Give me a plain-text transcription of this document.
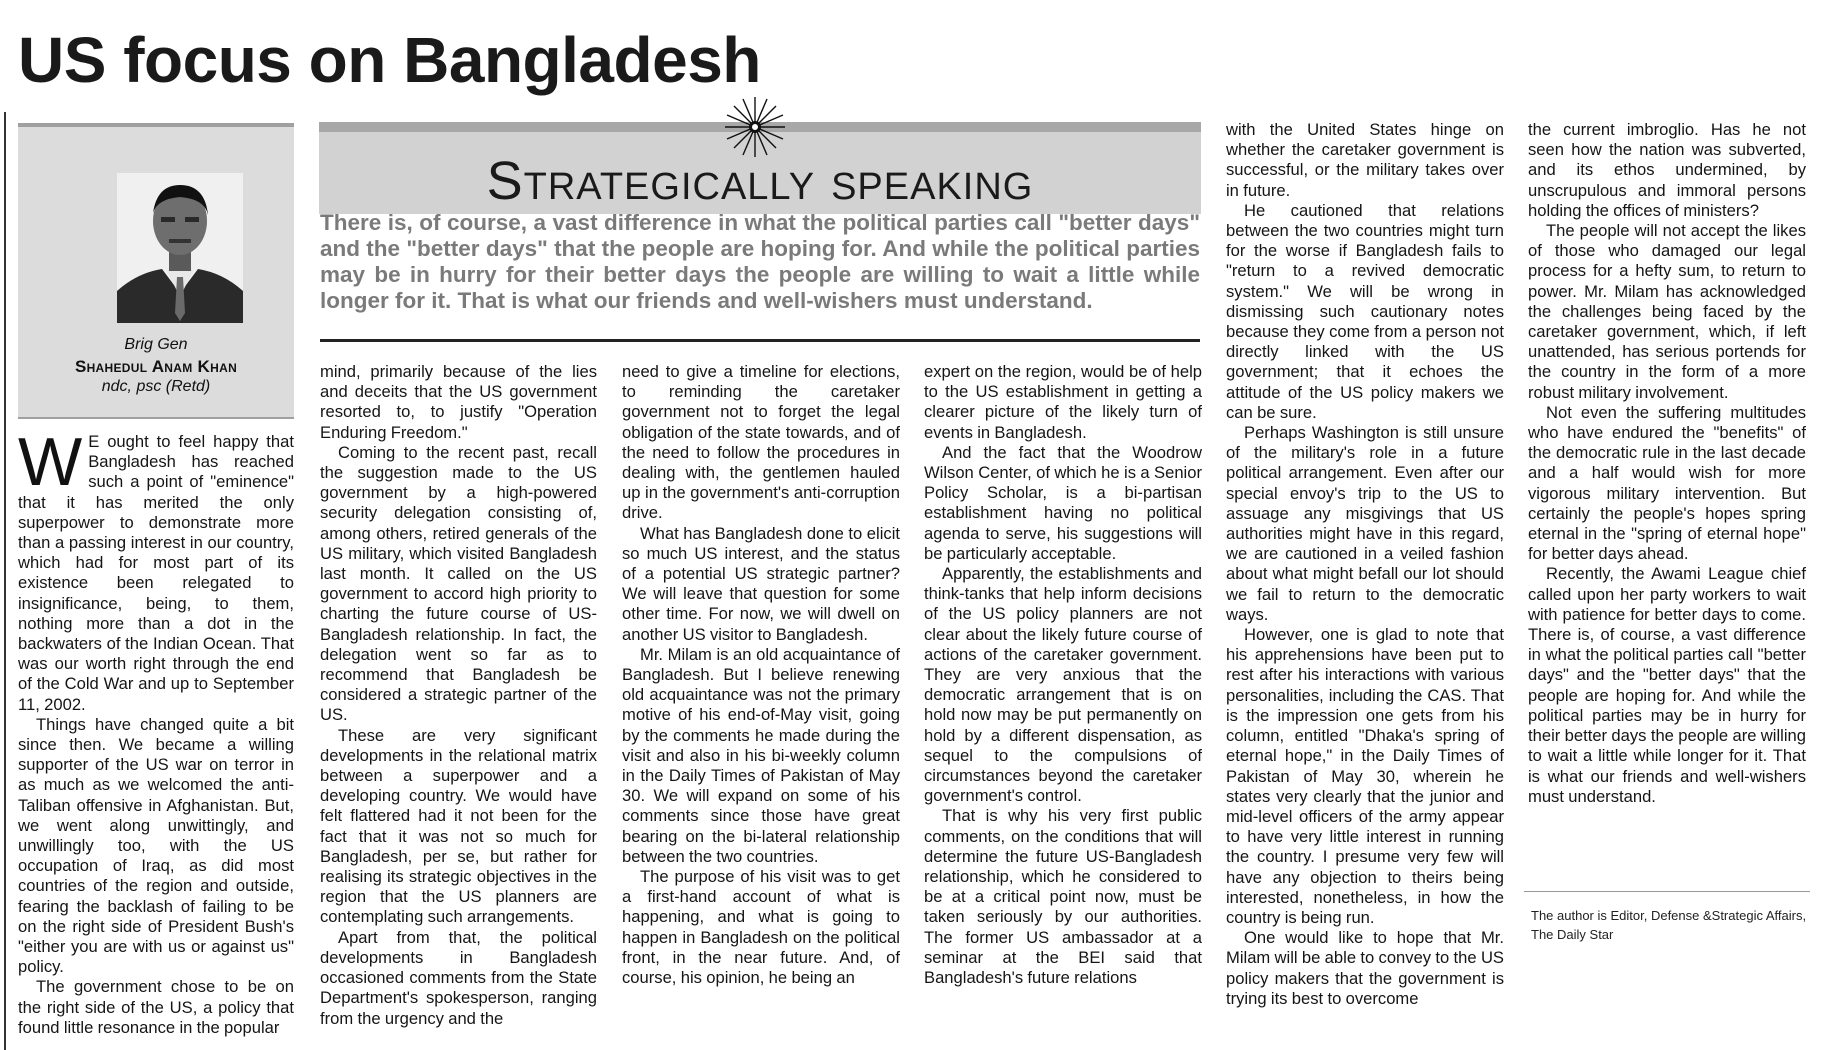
US focus on Bangladesh
Brig Gen
Shahedul Anam Khan
ndc, psc (Retd)
Strategically speaking
There is, of course, a vast difference in what the political parties call "better days" and the "better days" that the people are hoping for. And while the political parties may be in hurry for their better days the people are willing to wait a little while longer for it. That is what our friends and well-wishers must understand.

W E ought to feel happy that Bangladesh has reached such a point of "eminence" that it has merited the only superpower to demonstrate more than a passing interest in our country, which had for most part of its existence been relegated to insignificance, being, to them, nothing more than a dot in the backwaters of the Indian Ocean. That was our worth right through the end of the Cold War and up to September 11, 2002.

Things have changed quite a bit since then. We became a willing supporter of the US war on terror in as much as we welcomed the anti-Taliban offensive in Afghanistan. But, we went along unwittingly, and unwillingly too, with the US occupation of Iraq, as did most countries of the region and outside, fearing the backlash of failing to be on the right side of President Bush's "either you are with us or against us" policy.

The government chose to be on the right side of the US, a policy that found little resonance in the popular

mind, primarily because of the lies and deceits that the US government resorted to, to justify "Operation Enduring Freedom."

Coming to the recent past, recall the suggestion made to the US government by a high-powered security delegation consisting of, among others, retired generals of the US military, which visited Bangladesh last month. It called on the US government to accord high priority to charting the future course of US-Bangladesh relationship. In fact, the delegation went so far as to recommend that Bangladesh be considered a strategic partner of the US.

These are very significant developments in the relational matrix between a superpower and a developing country. We would have felt flattered had it not been for the fact that it was not so much for Bangladesh, per se, but rather for realising its strategic objectives in the region that the US planners are contemplating such arrangements.

Apart from that, the political developments in Bangladesh occasioned comments from the State Department's spokesperson, ranging from the urgency and the

need to give a timeline for elections, to reminding the caretaker government not to forget the legal obligation of the state towards, and of the need to follow the procedures in dealing with, the gentlemen hauled up in the government's anti-corruption drive.

What has Bangladesh done to elicit so much US interest, and the status of a potential US strategic partner? We will leave that question for some other time. For now, we will dwell on another US visitor to Bangladesh.

Mr. Milam is an old acquaintance of Bangladesh. But I believe renewing old acquaintance was not the primary motive of his end-of-May visit, going by the comments he made during the visit and also in his bi-weekly column in the Daily Times of Pakistan of May 30. We will expand on some of his comments since those have great bearing on the bi-lateral relationship between the two countries.

The purpose of his visit was to get a first-hand account of what is happening, and what is going to happen in Bangladesh on the political front, in the near future. And, of course, his opinion, he being an

expert on the region, would be of help to the US establishment in getting a clearer picture of the likely turn of events in Bangladesh.

And the fact that the Woodrow Wilson Center, of which he is a Senior Policy Scholar, is a bi-partisan establishment having no political agenda to serve, his suggestions will be particularly acceptable.

Apparently, the establishments and think-tanks that help inform decisions of the US policy planners are not clear about the likely future course of actions of the caretaker government. They are very anxious that the democratic arrangement that is on hold now may be put permanently on hold by a different dispensation, as sequel to the compulsions of circumstances beyond the caretaker government's control.

That is why his very first public comments, on the conditions that will determine the future US-Bangladesh relationship, which he considered to be at a critical point now, must be taken seriously by our authorities. The former US ambassador at a seminar at the BEI said that Bangladesh's future relations

with the United States hinge on whether the caretaker government is successful, or the military takes over in future.

He cautioned that relations between the two countries might turn for the worse if Bangladesh fails to "return to a revived democratic system." We will be wrong in dismissing such cautionary notes because they come from a person not directly linked with the US government; that it echoes the attitude of the US policy makers we can be sure.

Perhaps Washington is still unsure of the military's role in a future political arrangement. Even after our special envoy's trip to the US to assuage any misgivings that US authorities might have in this regard, we are cautioned in a veiled fashion about what might befall our lot should we fail to return to the democratic ways.

However, one is glad to note that his apprehensions have been put to rest after his interactions with various personalities, including the CAS. That is the impression one gets from his column, entitled "Dhaka's spring of eternal hope," in the Daily Times of Pakistan of May 30, wherein he states very clearly that the junior and mid-level officers of the army appear to have very little interest in running the country. I presume very few will have any objection to theirs being interested, nonetheless, in how the country is being run.

One would like to hope that Mr. Milam will be able to convey to the US policy makers that the government is trying its best to overcome

the current imbroglio. Has he not seen how the nation was subverted, and its ethos undermined, by unscrupulous and immoral persons holding the offices of ministers?

The people will not accept the likes of those who damaged our legal process for a hefty sum, to return to power. Mr. Milam has acknowledged the challenges being faced by the caretaker government, which, if left unattended, has serious portends for the country in the form of a more robust military involvement.

Not even the suffering multitudes who have endured the "benefits" of the democratic rule in the last decade and a half would wish for more vigorous military intervention. But certainly the people's hopes spring eternal in the "spring of eternal hope" for better days ahead.

Recently, the Awami League chief called upon her party workers to wait with patience for better days to come. There is, of course, a vast difference in what the political parties call "better days" and the "better days" that the people are hoping for. And while the political parties may be in hurry for their better days the people are willing to wait a little while longer for it. That is what our friends and well-wishers must understand.

The author is Editor, Defense &Strategic Affairs,
The Daily Star
